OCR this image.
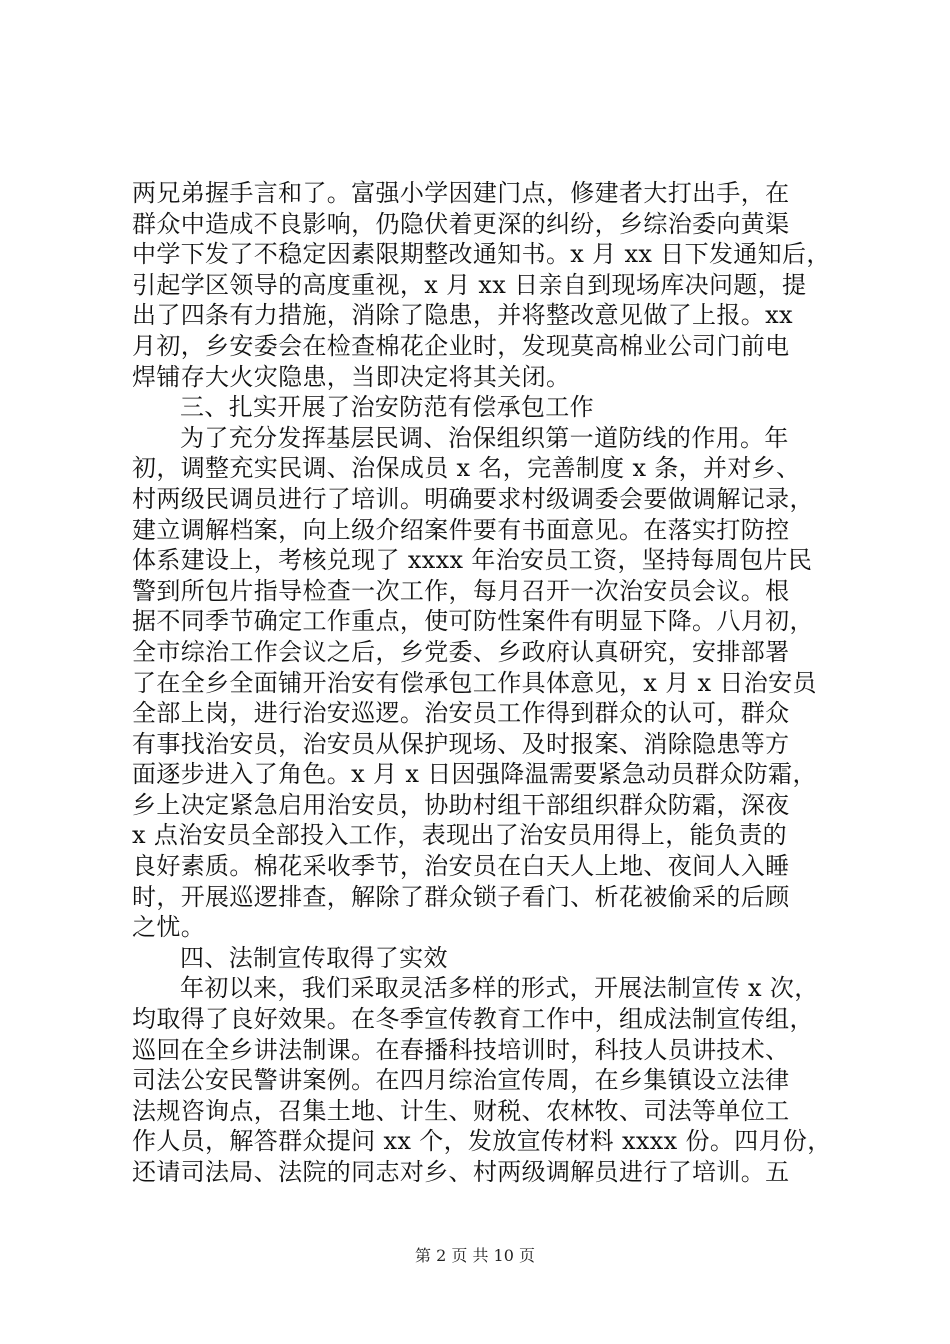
两兄弟握手言和了。富强小学因建门点，修建者大打出手，在
群众中造成不良影响，仍隐伏着更深的纠纷，乡综治委向黄渠
中学下发了不稳定因素限期整改通知书。x 月 xx 日下发通知后，
引起学区领导的高度重视，x 月 xx 日亲自到现场库决问题，提
出了四条有力措施，消除了隐患，并将整改意见做了上报。xx
月初，乡安委会在检查棉花企业时，发现莫高棉业公司门前电
焊铺存大火灾隐患，当即决定将其关闭。
三、扎实开展了治安防范有偿承包工作
为了充分发挥基层民调、治保组织第一道防线的作用。年
初，调整充实民调、治保成员 x 名，完善制度 x 条，并对乡、
村两级民调员进行了培训。明确要求村级调委会要做调解记录，
建立调解档案，向上级介绍案件要有书面意见。在落实打防控
体系建设上，考核兑现了 xxxx 年治安员工资，坚持每周包片民
警到所包片指导检查一次工作，每月召开一次治安员会议。根
据不同季节确定工作重点，使可防性案件有明显下降。八月初，
全市综治工作会议之后，乡党委、乡政府认真研究，安排部署
了在全乡全面铺开治安有偿承包工作具体意见，x 月 x 日治安员
全部上岗，进行治安巡逻。治安员工作得到群众的认可，群众
有事找治安员，治安员从保护现场、及时报案、消除隐患等方
面逐步进入了角色。x 月 x 日因强降温需要紧急动员群众防霜，
乡上决定紧急启用治安员，协助村组干部组织群众防霜，深夜
x 点治安员全部投入工作，表现出了治安员用得上，能负责的
良好素质。棉花采收季节，治安员在白天人上地、夜间人入睡
时，开展巡逻排查，解除了群众锁子看门、析花被偷采的后顾
之忧。
四、法制宣传取得了实效
年初以来，我们采取灵活多样的形式，开展法制宣传 x 次，
均取得了良好效果。在冬季宣传教育工作中，组成法制宣传组，
巡回在全乡讲法制课。在春播科技培训时，科技人员讲技术、
司法公安民警讲案例。在四月综治宣传周，在乡集镇设立法律
法规咨询点，召集土地、计生、财税、农林牧、司法等单位工
作人员，解答群众提问 xx 个，发放宣传材料 xxxx 份。四月份，
还请司法局、法院的同志对乡、村两级调解员进行了培训。五
第 2 页 共 10 页
